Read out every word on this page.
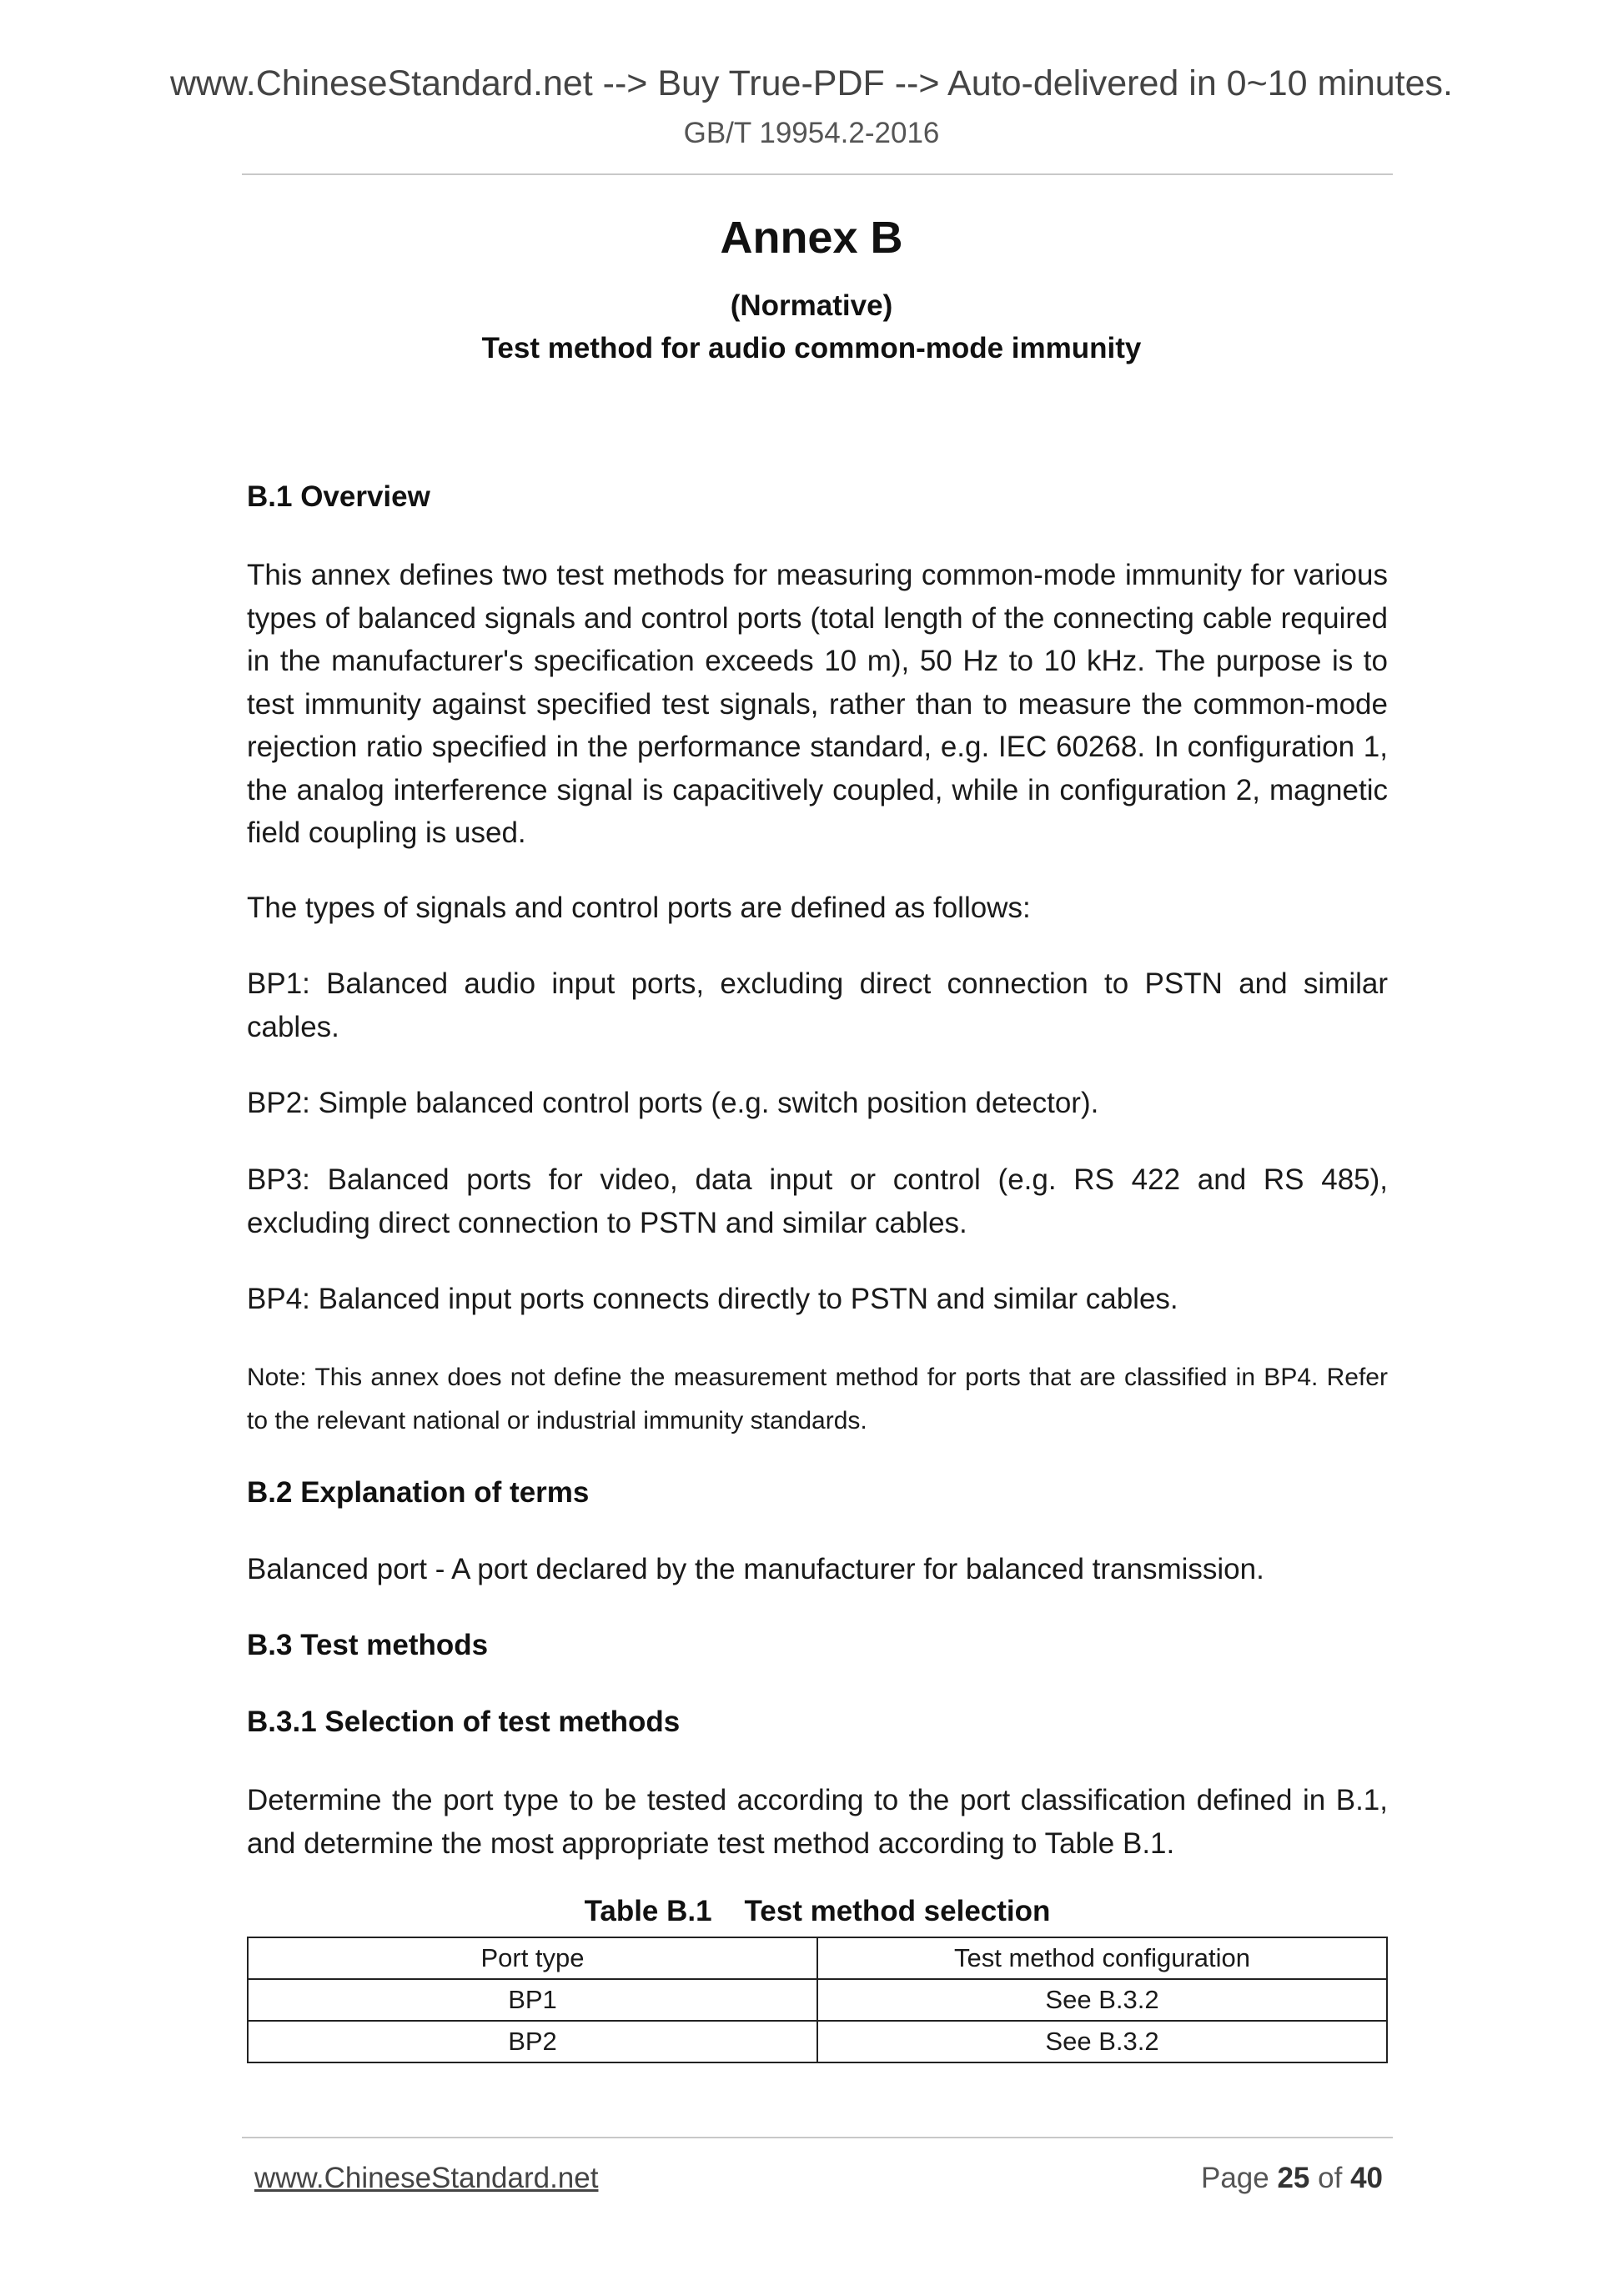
www.ChineseStandard.net --> Buy True-PDF --> Auto-delivered in 0~10 minutes.
GB/T 19954.2-2016
Annex B
(Normative)
Test method for audio common-mode immunity
B.1 Overview
This annex defines two test methods for measuring common-mode immunity for various types of balanced signals and control ports (total length of the connecting cable required in the manufacturer's specification exceeds 10 m), 50 Hz to 10 kHz. The purpose is to test immunity against specified test signals, rather than to measure the common-mode rejection ratio specified in the performance standard, e.g. IEC 60268. In configuration 1, the analog interference signal is capacitively coupled, while in configuration 2, magnetic field coupling is used.
The types of signals and control ports are defined as follows:
BP1: Balanced audio input ports, excluding direct connection to PSTN and similar cables.
BP2: Simple balanced control ports (e.g. switch position detector).
BP3: Balanced ports for video, data input or control (e.g. RS 422 and RS 485), excluding direct connection to PSTN and similar cables.
BP4: Balanced input ports connects directly to PSTN and similar cables.
Note: This annex does not define the measurement method for ports that are classified in BP4. Refer to the relevant national or industrial immunity standards.
B.2 Explanation of terms
Balanced port - A port declared by the manufacturer for balanced transmission.
B.3 Test methods
B.3.1 Selection of test methods
Determine the port type to be tested according to the port classification defined in B.1, and determine the most appropriate test method according to Table B.1.
Table B.1    Test method selection
Port type	Test method configuration
BP1	See B.3.2
BP2	See B.3.2
www.ChineseStandard.net	Page 25 of 40
